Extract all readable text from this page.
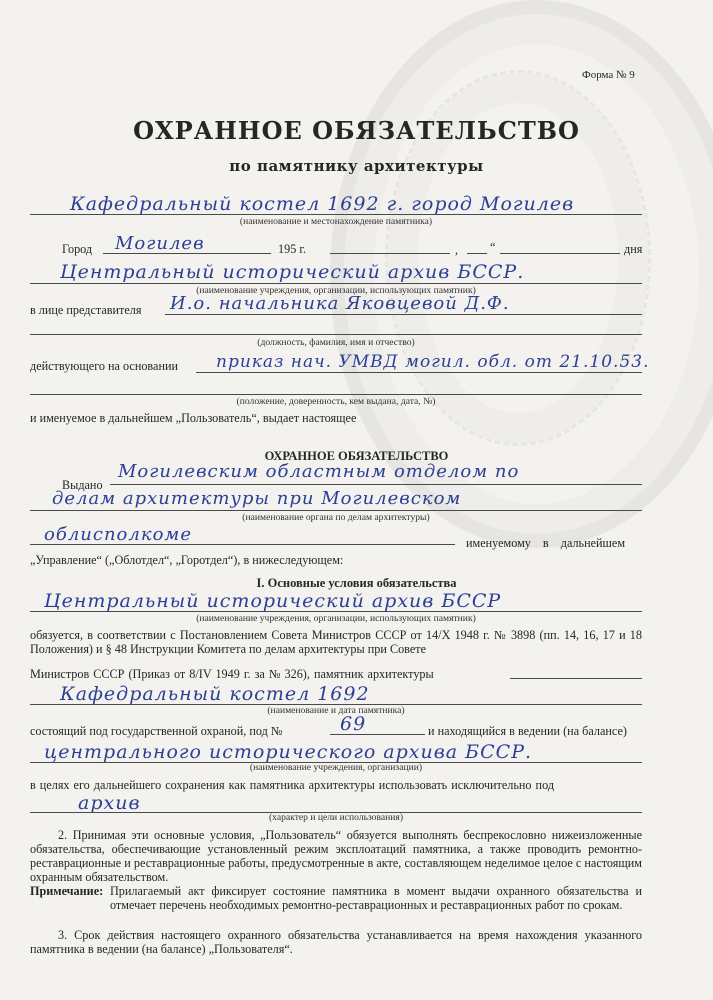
Форма № 9
ОХРАННОЕ ОБЯЗАТЕЛЬСТВО
по памятнику архитектуры
Кафедральный костел 1692 г. город Могилев
(наименование и местонахождение памятника)
Город Могилев	195 г.	,	“	дня
Центральный исторический архив БССР.
(наименование учреждения, организации, использующих памятник)
в лице представителя И.о. начальника Яковцевой Д.Ф.
(должность, фамилия, имя и отчество)
действующего на основании приказ нач. УМВД могил. обл. от 21.10.53.
(положение, доверенность, кем выдана, дата, №)
и именуемое в дальнейшем „Пользователь“, выдает настоящее
ОХРАННОЕ ОБЯЗАТЕЛЬСТВО
Выдано
Могилевским областным отделом по
делам архитектуры при Могилевском
(наименование органа по делам архитектуры)
облисполкоме	именуемому в дальнейшем
„Управление“ („Облотдел“, „Горотдел“), в нижеследующем:
I. Основные условия обязательства
Центральный исторический архив БССР
(наименование учреждения, организации, использующих памятник)
обязуется, в соответствии с Постановлением Совета Министров СССР от 14/X 1948 г. № 3898 (пп. 14, 16, 17 и 18 Положения) и § 48 Инструкции Комитета по делам архитектуры при Совете
Министров СССР (Приказ от 8/IV 1949 г. за № 326), памятник архитектуры
Кафедральный костел 1692
(наименование и дата памятника)
состоящий под государственной охраной, под №	69	и находящийся в ведении (на балансе)
центрального исторического архива БССР.
(наименование учреждения, организации)
в целях его дальнейшего сохранения как памятника архитектуры использовать исключительно под
архив
(характер и цели использования)
2. Принимая эти основные условия, „Пользователь“ обязуется выполнять беспрекословно нижеизложенные обязательства, обеспечивающие установленный режим эксплоатаций памятника, а также проводить ремонтно-реставрационные и реставрационные работы, предусмотренные в акте, составляющем неделимое целое с настоящим охранным обязательством.
Примечание: Прилагаемый акт фиксирует состояние памятника в момент выдачи охранного обязательства и отмечает перечень необходимых ремонтно-реставрационных и реставрационных работ по срокам.
3. Срок действия настоящего охранного обязательства устанавливается на время нахождения указанного памятника в ведении (на балансе) „Пользователя“.
